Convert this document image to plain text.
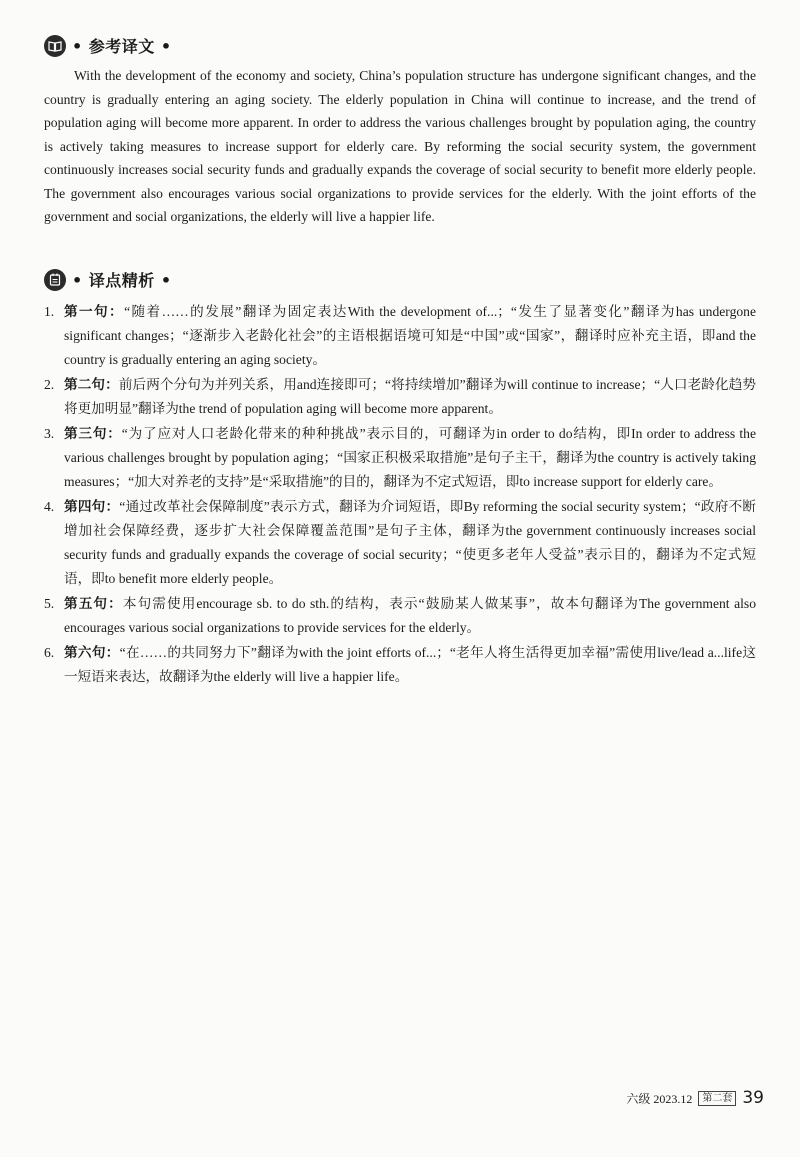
• 参考译文 •

With the development of the economy and society, China’s population structure has undergone significant changes, and the country is gradually entering an aging society. The elderly population in China will continue to increase, and the trend of population aging will become more apparent. In order to address the various challenges brought by population aging, the country is actively taking measures to increase support for elderly care. By reforming the social security system, the government continuously increases social security funds and gradually expands the coverage of social security to benefit more elderly people. The government also encourages various social organizations to provide services for the elderly. With the joint efforts of the government and social organizations, the elderly will live a happier life.

• 译点精析 •
1. 第一句：“随着……的发展”翻译为固定表达With the development of...；“发生了显著变化”翻译为has undergone significant changes；“逐渐步入老龄化社会”的主语根据语境可知是“中国”或“国家”，翻译时应补充主语，即and the country is gradually entering an aging society。
2. 第二句：前后两个分句为并列关系，用and连接即可；“将持续增加”翻译为will continue to increase；“人口老龄化趋势将更加明显”翻译为the trend of population aging will become more apparent。
3. 第三句：“为了应对人口老龄化带来的种种挑战”表示目的，可翻译为in order to do结构，即In order to address the various challenges brought by population aging；“国家正积极采取措施”是句子主干，翻译为the country is actively taking measures；“加大对养老的支持”是“采取措施”的目的，翻译为不定式短语，即to increase support for elderly care。
4. 第四句：“通过改革社会保障制度”表示方式，翻译为介词短语，即By reforming the social security system；“政府不断增加社会保障经费，逐步扩大社会保障覆盖范围”是句子主体，翻译为the government continuously increases social security funds and gradually expands the coverage of social security；“使更多老年人受益”表示目的，翻译为不定式短语，即to benefit more elderly people。
5. 第五句：本句需使用encourage sb. to do sth.的结构，表示“鼓励某人做某事”，故本句翻译为The government also encourages various social organizations to provide services for the elderly。
6. 第六句：“在……的共同努力下”翻译为with the joint efforts of...；“老年人将生活得更加幸福”需使用live/lead a...life这一短语来表达，故翻译为the elderly will live a happier life。
六级 2023.12	第二套 39
